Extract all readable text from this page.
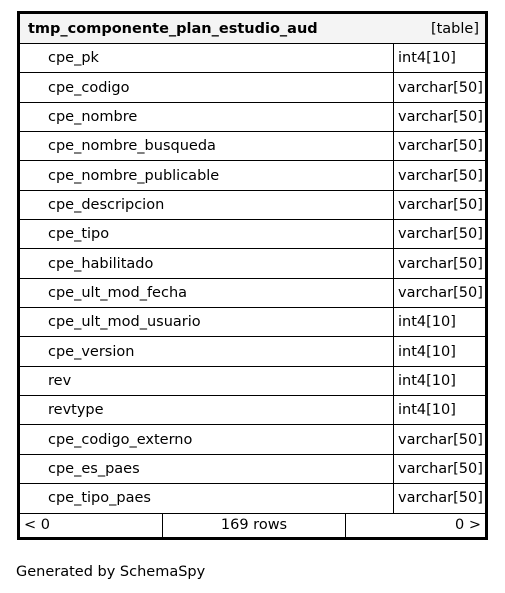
tmp_componente_plan_estudio_aud	[table]
cpe_pk	int4[10]
cpe_codigo	varchar[50]
cpe_nombre	varchar[50]
cpe_nombre_busqueda	varchar[50]
cpe_nombre_publicable	varchar[50]
cpe_descripcion	varchar[50]
cpe_tipo	varchar[50]
cpe_habilitado	varchar[50]
cpe_ult_mod_fecha	varchar[50]
cpe_ult_mod_usuario	int4[10]
cpe_version	int4[10]
rev	int4[10]
revtype	int4[10]
cpe_codigo_externo	varchar[50]
cpe_es_paes	varchar[50]
cpe_tipo_paes	varchar[50]
< 0	169 rows	0 >
Generated by SchemaSpy
